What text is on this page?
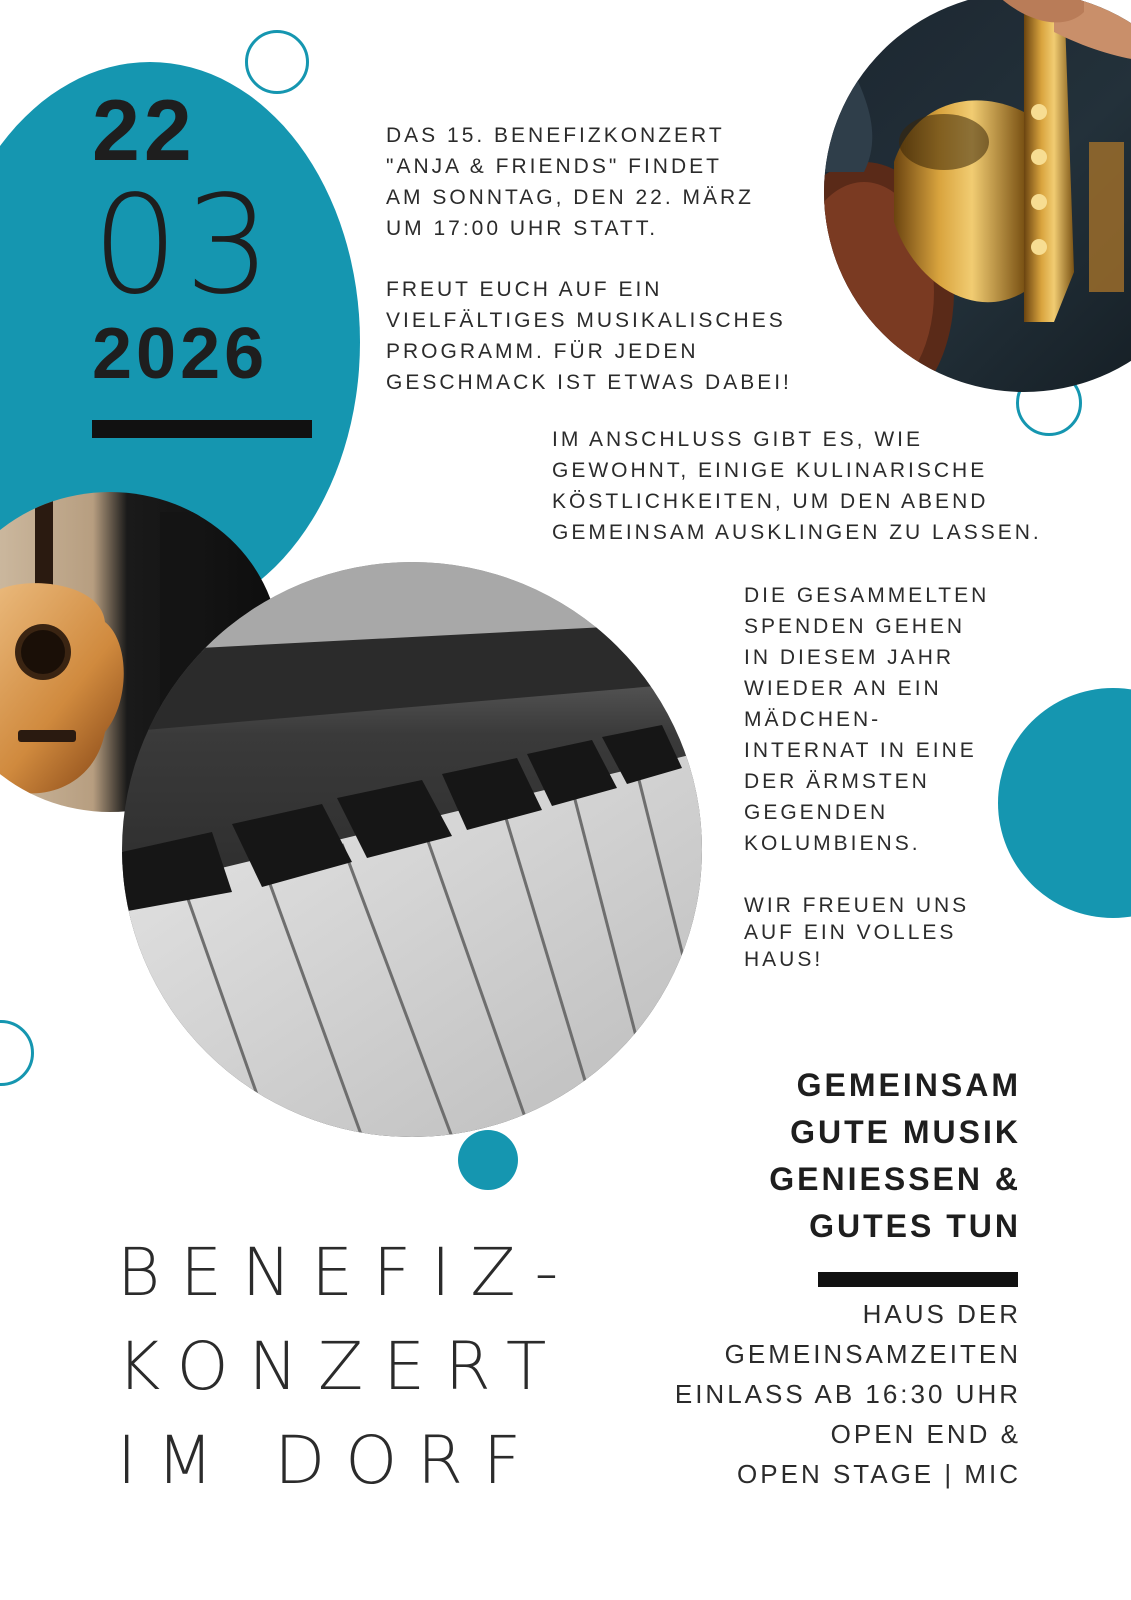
22
03
2026

DAS 15. BENEFIZKONZERT

"ANJA & FRIENDS" FINDET

AM SONNTAG, DEN 22. MÄRZ

UM 17:00 UHR STATT.

FREUT EUCH AUF EIN

VIELFÄLTIGES MUSIKALISCHES

PROGRAMM. FÜR JEDEN

GESCHMACK IST ETWAS DABEI!

IM ANSCHLUSS GIBT ES, WIE

GEWOHNT, EINIGE KULINARISCHE

KÖSTLICHKEITEN, UM DEN ABEND

GEMEINSAM AUSKLINGEN ZU LASSEN.

DIE GESAMMELTEN

SPENDEN GEHEN

IN DIESEM JAHR

WIEDER AN EIN

MÄDCHEN-

INTERNAT IN EINE

DER ÄRMSTEN

GEGENDEN

KOLUMBIENS.

WIR FREUEN UNS

AUF EIN VOLLES

HAUS!

GEMEINSAM

GUTE MUSIK

GENIESSEN &

GUTES TUN

HAUS DER

GEMEINSAMZEITEN

EINLASS AB 16:30 UHR

OPEN END &

OPEN STAGE | MIC

BENEFIZ-

KONZERT

IM DORF
